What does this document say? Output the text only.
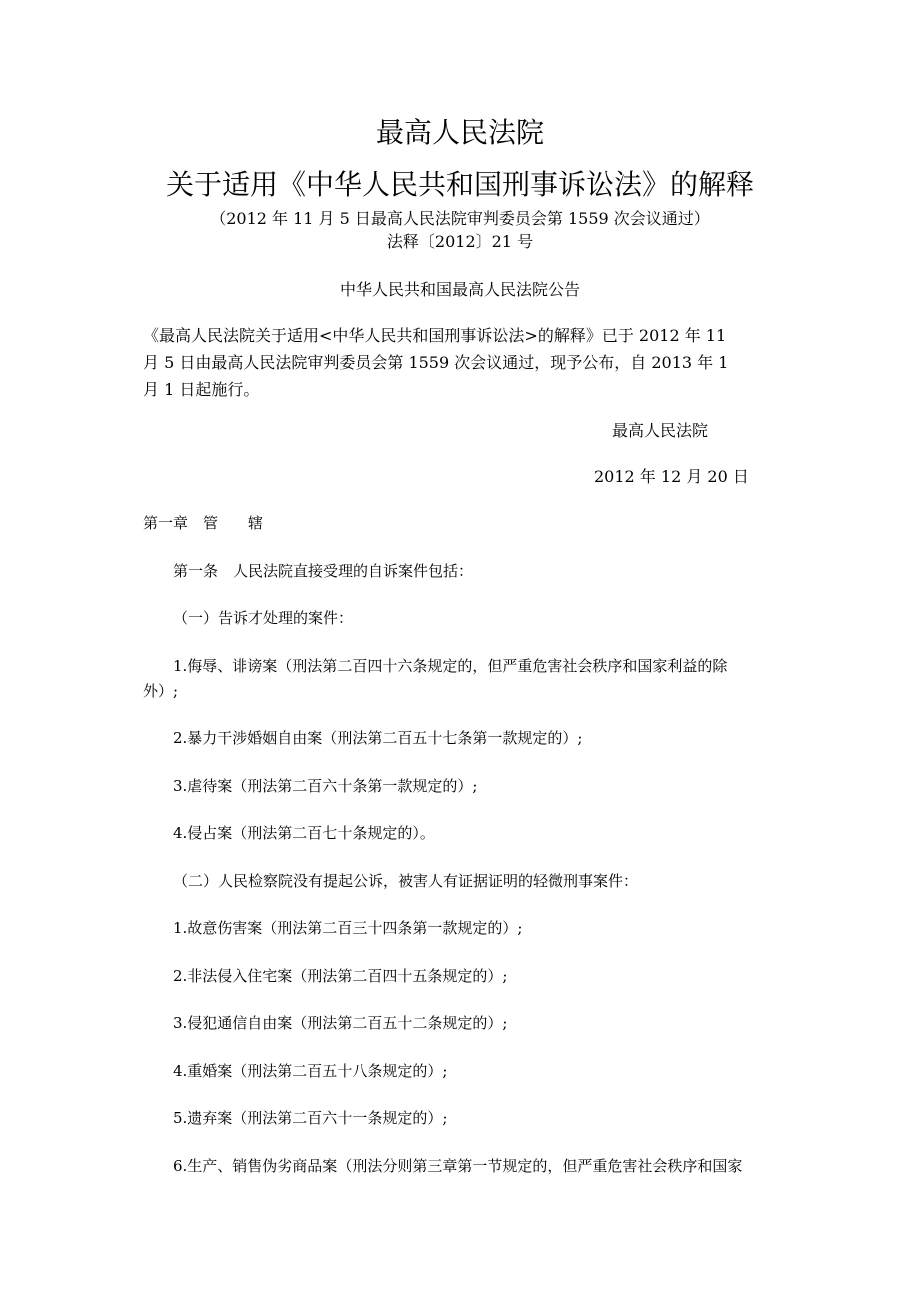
最高人民法院
关于适用《中华人民共和国刑事诉讼法》的解释
（2012 年 11 月 5 日最高人民法院审判委员会第 1559 次会议通过）
法释〔2012〕21 号
中华人民共和国最高人民法院公告
《最高人民法院关于适用<中华人民共和国刑事诉讼法>的解释》已于 2012 年 11
月 5 日由最高人民法院审判委员会第 1559 次会议通过，现予公布，自 2013 年 1
月 1 日起施行。
最高人民法院
2012 年 12 月 20 日
第一章　管　　辖
第一条　人民法院直接受理的自诉案件包括：
（一）告诉才处理的案件：
1.侮辱、诽谤案（刑法第二百四十六条规定的，但严重危害社会秩序和国家利益的除
外）;
2.暴力干涉婚姻自由案（刑法第二百五十七条第一款规定的）;
3.虐待案（刑法第二百六十条第一款规定的）;
4.侵占案（刑法第二百七十条规定的）。
（二）人民检察院没有提起公诉，被害人有证据证明的轻微刑事案件：
1.故意伤害案（刑法第二百三十四条第一款规定的）;
2.非法侵入住宅案（刑法第二百四十五条规定的）;
3.侵犯通信自由案（刑法第二百五十二条规定的）;
4.重婚案（刑法第二百五十八条规定的）;
5.遗弃案（刑法第二百六十一条规定的）;
6.生产、销售伪劣商品案（刑法分则第三章第一节规定的，但严重危害社会秩序和国家
